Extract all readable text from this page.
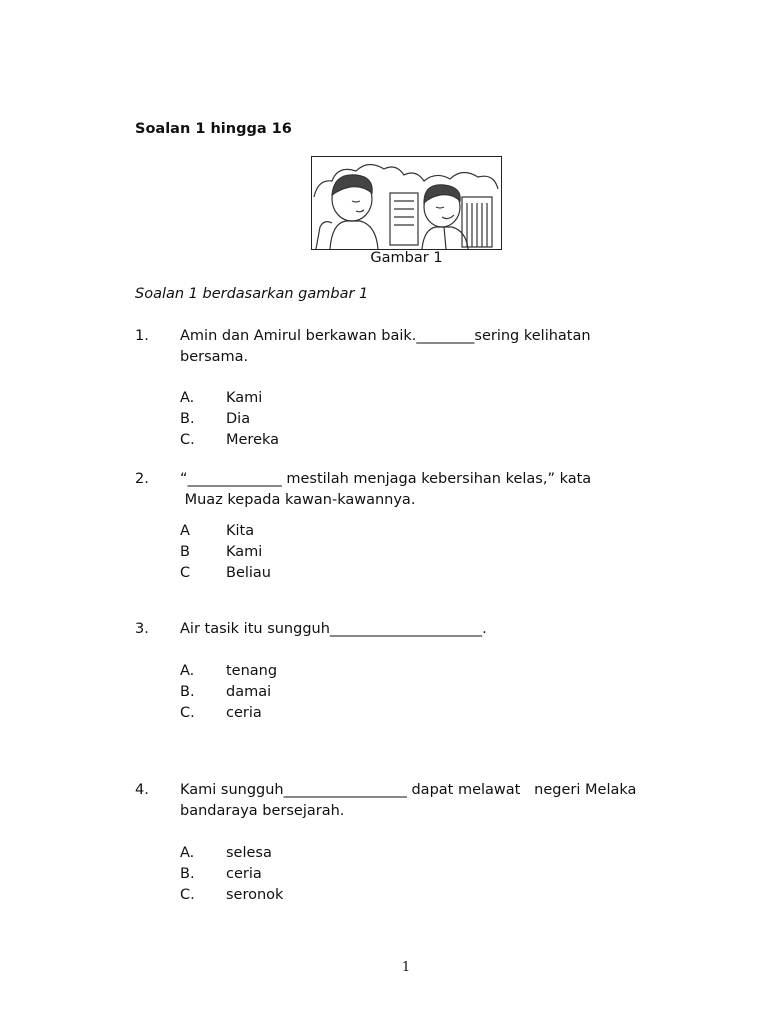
Soalan 1 hingga 16
Gambar 1
Soalan 1 berdasarkan gambar 1
1. Amin dan Amirul berkawan baik.________sering kelihatan
bersama.
A. Kami
B. Dia
C. Mereka
2. “_____________ mestilah menjaga kebersihan kelas,” kata
Muaz kepada kawan-kawannya.
A Kita
B Kami
C Beliau
3. Air tasik itu sungguh_____________________.
A. tenang
B. damai
C. ceria
4. Kami sungguh_________________ dapat melawat   negeri Melaka
bandaraya bersejarah.
A. selesa
B. ceria
C. seronok
1
